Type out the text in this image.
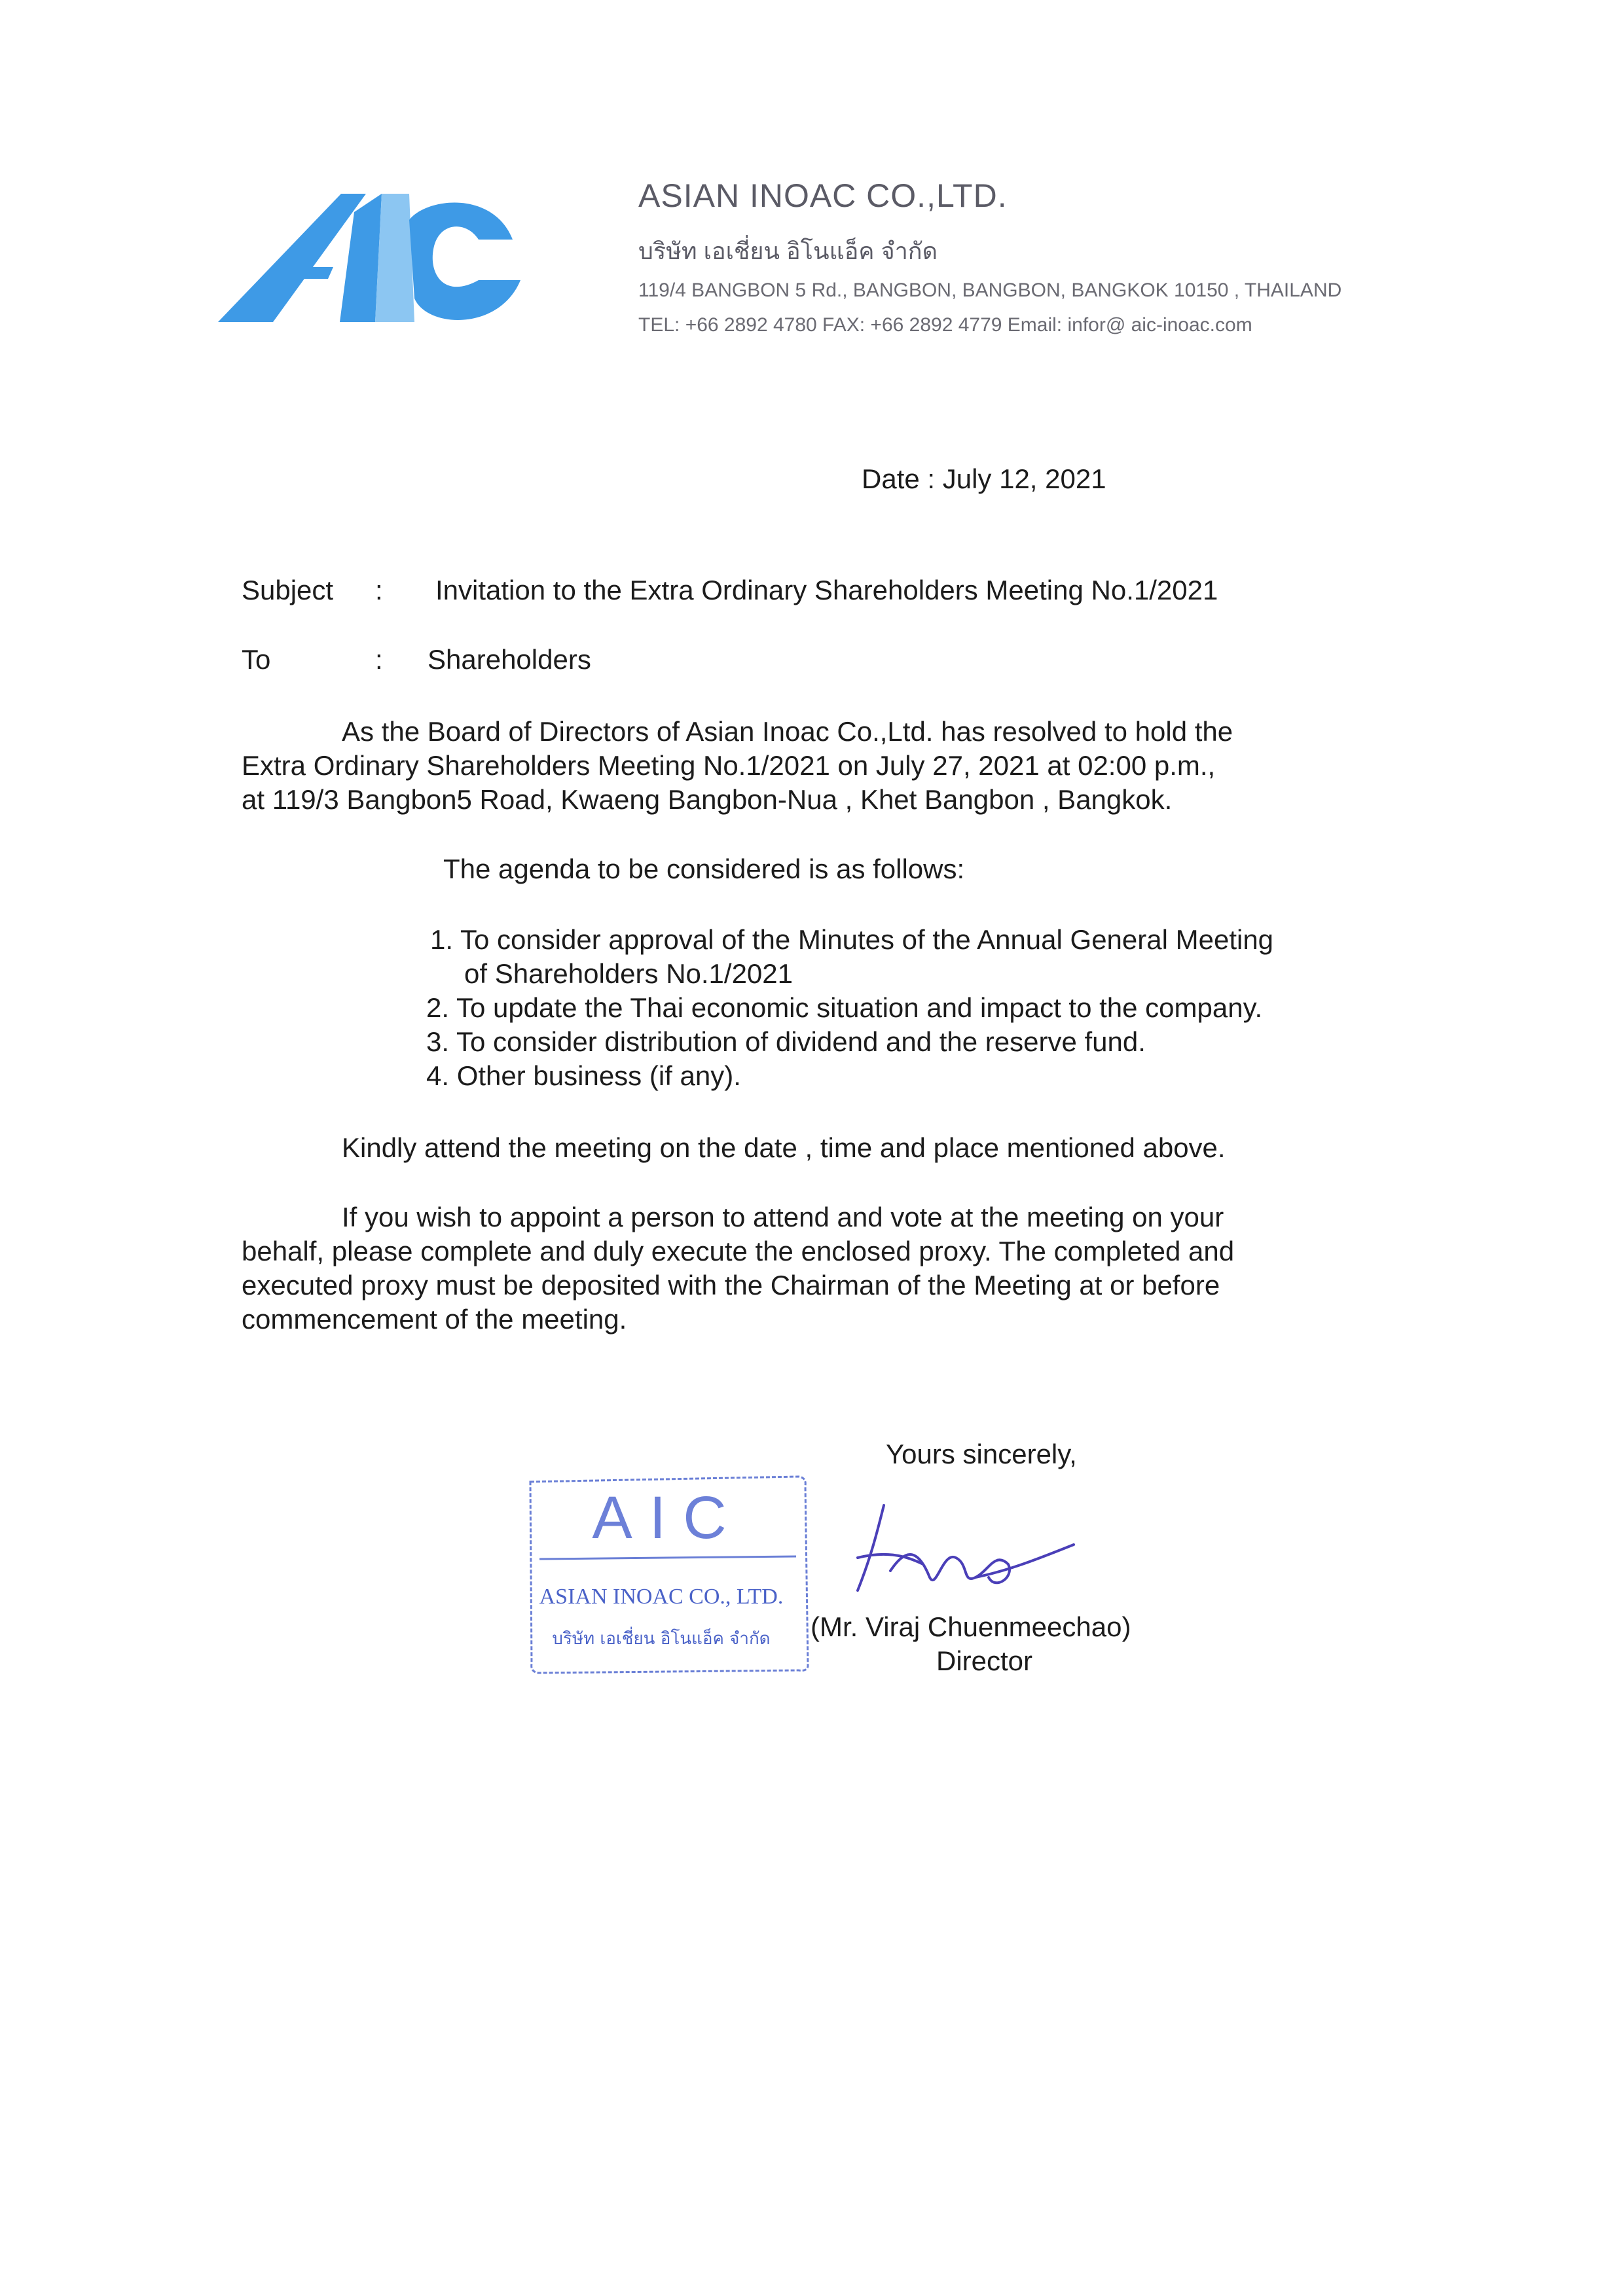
ASIAN INOAC CO.,LTD.
บริษัท เอเชี่ยน อิโนแอ็ค จำกัด
119/4 BANGBON 5 Rd., BANGBON, BANGBON, BANGKOK 10150 , THAILAND
TEL: +66 2892 4780 FAX: +66 2892 4779 Email: infor@ aic-inoac.com
Date : July 12, 2021
Subject : Invitation to the Extra Ordinary Shareholders Meeting No.1/2021
To	: Shareholders
As the Board of Directors of Asian Inoac Co.,Ltd. has resolved to hold the
Extra Ordinary Shareholders Meeting No.1/2021 on July 27, 2021 at 02:00 p.m.,
at 119/3 Bangbon5 Road, Kwaeng Bangbon-Nua , Khet Bangbon , Bangkok.
The agenda to be considered is as follows:
1. To consider approval of the Minutes of the Annual General Meeting
of Shareholders No.1/2021
2. To update the Thai economic situation and impact to the company.
3. To consider distribution of dividend and the reserve fund.
4. Other business (if any).
Kindly attend the meeting on the date , time and place mentioned above.
If you wish to appoint a person to attend and vote at the meeting on your
behalf, please complete and duly execute the enclosed proxy. The completed and
executed proxy must be deposited with the Chairman of the Meeting at or before
commencement of the meeting.
Yours sincerely,
AIC
ASIAN INOAC CO., LTD.
บริษัท เอเชี่ยน อิโนแอ็ค จำกัด (Mr. Viraj Chuenmeechao)
Director
